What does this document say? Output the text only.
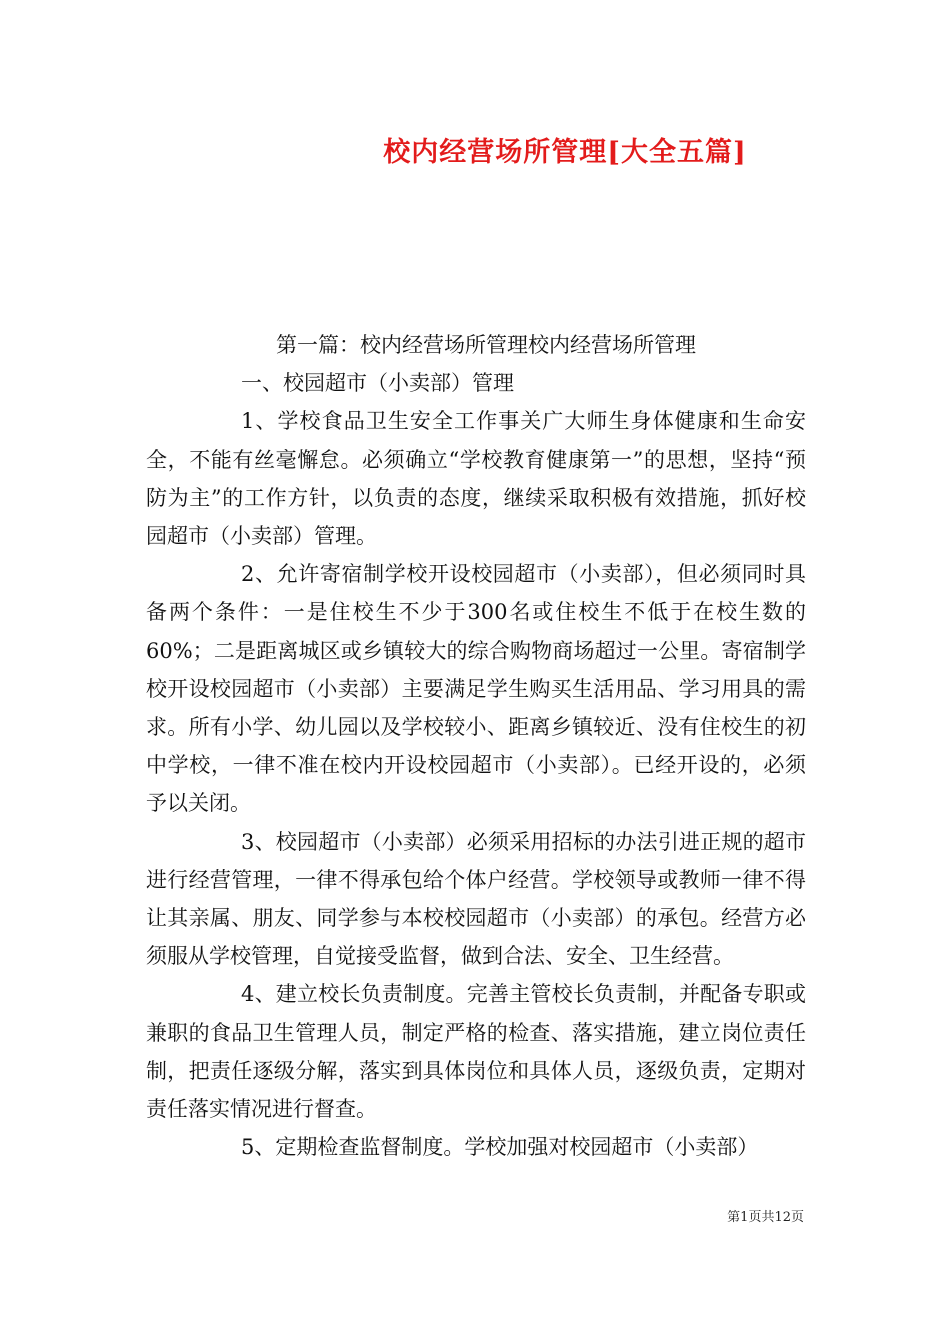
校内经营场所管理[大全五篇]

第一篇：校内经营场所管理校内经营场所管理

一、校园超市（小卖部）管理

1、学校食品卫生安全工作事关广大师生身体健康和生命安全，不能有丝毫懈怠。必须确立“学校教育健康第一”的思想，坚持“预防为主”的工作方针，以负责的态度，继续采取积极有效措施，抓好校园超市（小卖部）管理。

2、允许寄宿制学校开设校园超市（小卖部），但必须同时具备两个条件：一是住校生不少于300名或住校生不低于在校生数的60%；二是距离城区或乡镇较大的综合购物商场超过一公里。寄宿制学校开设校园超市（小卖部）主要满足学生购买生活用品、学习用具的需求。所有小学、幼儿园以及学校较小、距离乡镇较近、没有住校生的初中学校，一律不准在校内开设校园超市（小卖部）。已经开设的，必须予以关闭。

3、校园超市（小卖部）必须采用招标的办法引进正规的超市进行经营管理，一律不得承包给个体户经营。学校领导或教师一律不得让其亲属、朋友、同学参与本校校园超市（小卖部）的承包。经营方必须服从学校管理，自觉接受监督，做到合法、安全、卫生经营。

4、建立校长负责制度。完善主管校长负责制，并配备专职或兼职的食品卫生管理人员，制定严格的检查、落实措施，建立岗位责任制，把责任逐级分解，落实到具体岗位和具体人员，逐级负责，定期对责任落实情况进行督查。

5、定期检查监督制度。学校加强对校园超市（小卖部）

第1页共12页
